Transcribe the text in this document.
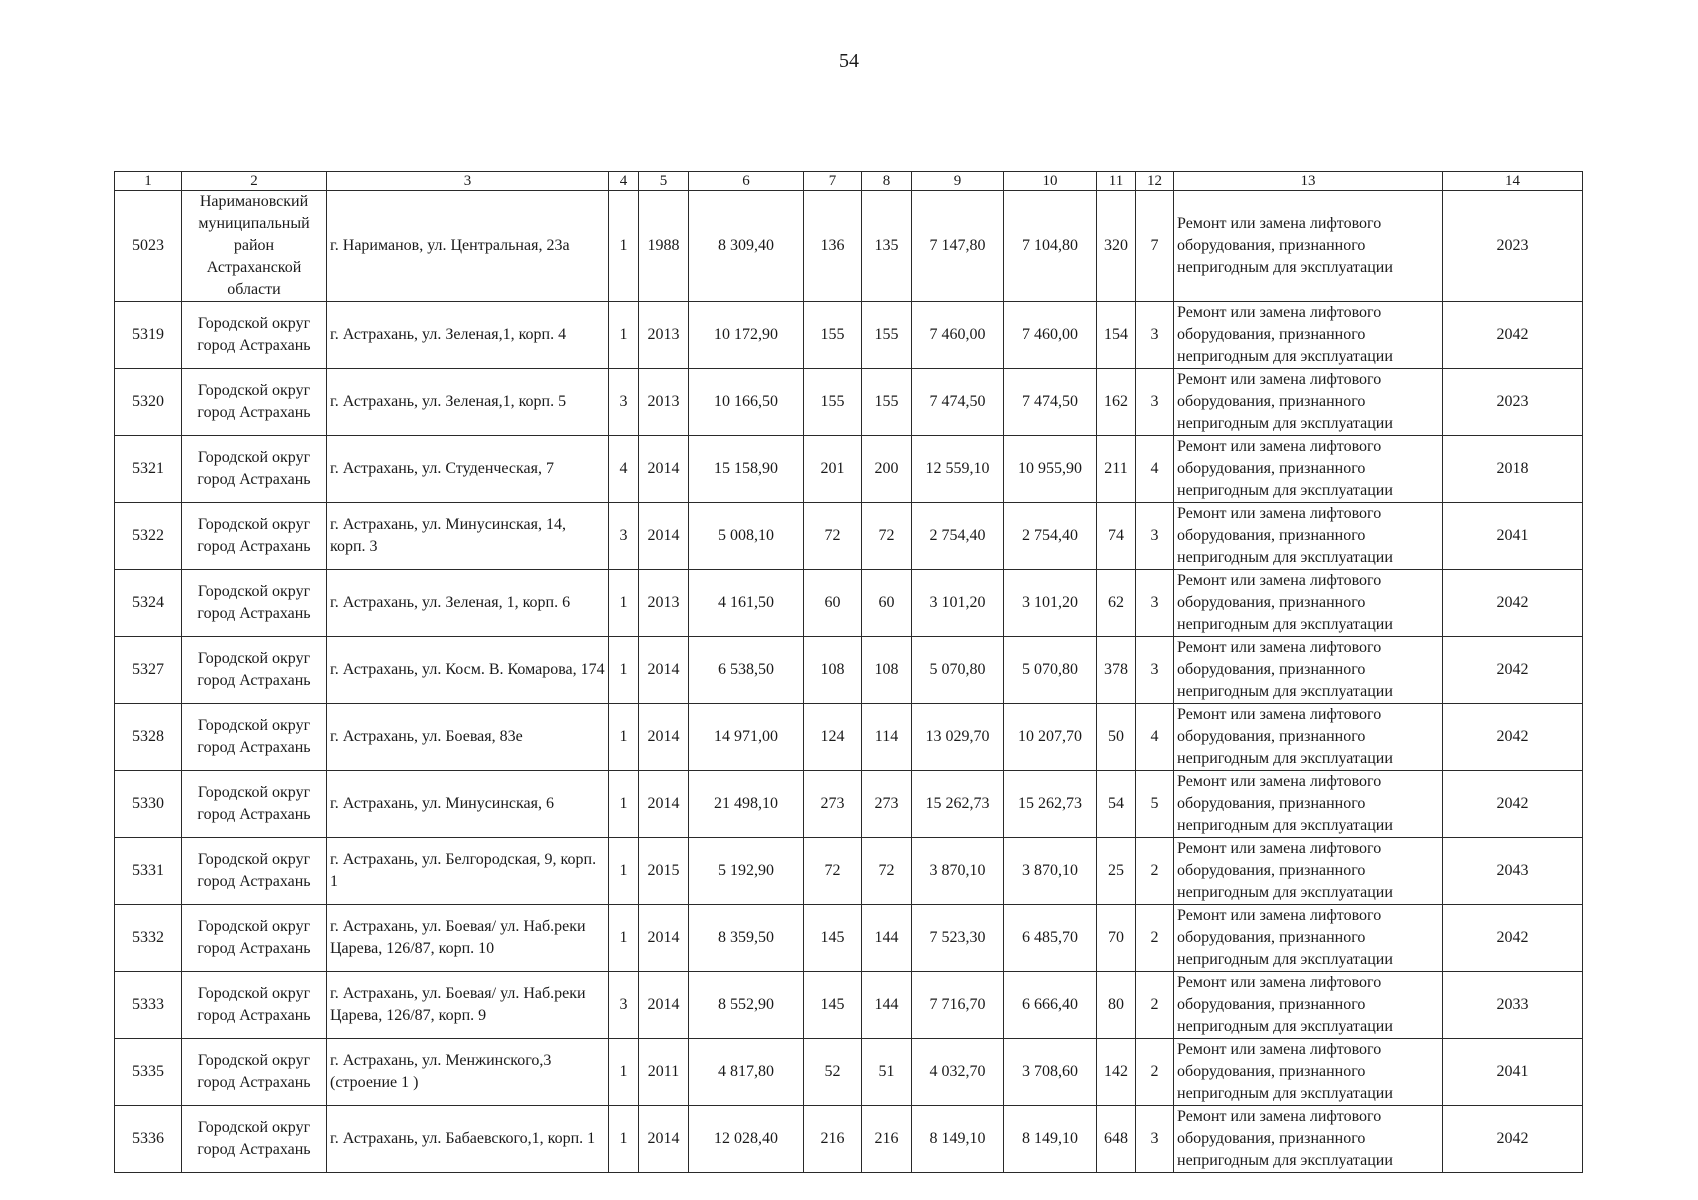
54
1	2	3	4	5	6	7	8	9	10	11	12	13	14
5023	Наримановский муниципальный район Астраханской области	г. Нариманов, ул. Центральная, 23а	1	1988	8 309,40	136	135	7 147,80	7 104,80	320	7	Ремонт или замена лифтового оборудования, признанного непригодным для эксплуатации	2023
5319	Городской округ город Астрахань	г. Астрахань, ул. Зеленая,1, корп. 4	1	2013	10 172,90	155	155	7 460,00	7 460,00	154	3	Ремонт или замена лифтового оборудования, признанного непригодным для эксплуатации	2042
5320	Городской округ город Астрахань	г. Астрахань, ул. Зеленая,1, корп. 5	3	2013	10 166,50	155	155	7 474,50	7 474,50	162	3	Ремонт или замена лифтового оборудования, признанного непригодным для эксплуатации	2023
5321	Городской округ город Астрахань	г. Астрахань, ул. Студенческая, 7	4	2014	15 158,90	201	200	12 559,10	10 955,90	211	4	Ремонт или замена лифтового оборудования, признанного непригодным для эксплуатации	2018
5322	Городской округ город Астрахань	г. Астрахань, ул. Минусинская, 14, корп. 3	3	2014	5 008,10	72	72	2 754,40	2 754,40	74	3	Ремонт или замена лифтового оборудования, признанного непригодным для эксплуатации	2041
5324	Городской округ город Астрахань	г. Астрахань, ул. Зеленая, 1, корп. 6	1	2013	4 161,50	60	60	3 101,20	3 101,20	62	3	Ремонт или замена лифтового оборудования, признанного непригодным для эксплуатации	2042
5327	Городской округ город Астрахань	г. Астрахань, ул. Косм. В. Комарова, 174	1	2014	6 538,50	108	108	5 070,80	5 070,80	378	3	Ремонт или замена лифтового оборудования, признанного непригодным для эксплуатации	2042
5328	Городской округ город Астрахань	г. Астрахань, ул. Боевая, 83е	1	2014	14 971,00	124	114	13 029,70	10 207,70	50	4	Ремонт или замена лифтового оборудования, признанного непригодным для эксплуатации	2042
5330	Городской округ город Астрахань	г. Астрахань, ул. Минусинская, 6	1	2014	21 498,10	273	273	15 262,73	15 262,73	54	5	Ремонт или замена лифтового оборудования, признанного непригодным для эксплуатации	2042
5331	Городской округ город Астрахань	г. Астрахань, ул. Белгородская, 9, корп. 1	1	2015	5 192,90	72	72	3 870,10	3 870,10	25	2	Ремонт или замена лифтового оборудования, признанного непригодным для эксплуатации	2043
5332	Городской округ город Астрахань	г. Астрахань, ул. Боевая/ ул. Наб.реки Царева, 126/87, корп. 10	1	2014	8 359,50	145	144	7 523,30	6 485,70	70	2	Ремонт или замена лифтового оборудования, признанного непригодным для эксплуатации	2042
5333	Городской округ город Астрахань	г. Астрахань, ул. Боевая/ ул. Наб.реки Царева, 126/87, корп. 9	3	2014	8 552,90	145	144	7 716,70	6 666,40	80	2	Ремонт или замена лифтового оборудования, признанного непригодным для эксплуатации	2033
5335	Городской округ город Астрахань	г. Астрахань, ул. Менжинского,3 (строение 1 )	1	2011	4 817,80	52	51	4 032,70	3 708,60	142	2	Ремонт или замена лифтового оборудования, признанного непригодным для эксплуатации	2041
5336	Городской округ город Астрахань	г. Астрахань, ул. Бабаевского,1, корп. 1	1	2014	12 028,40	216	216	8 149,10	8 149,10	648	3	Ремонт или замена лифтового оборудования, признанного непригодным для эксплуатации	2042
